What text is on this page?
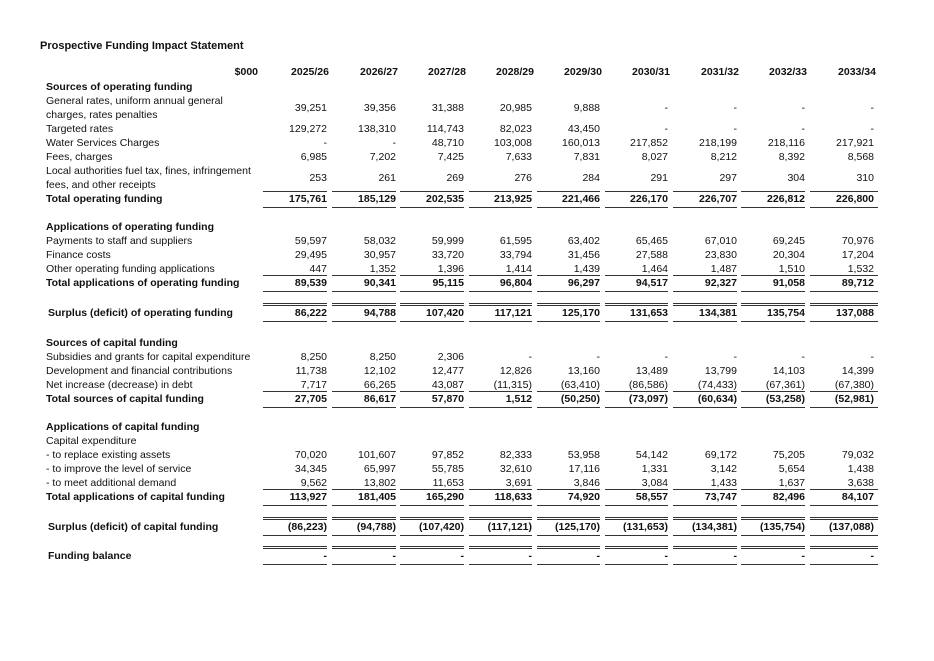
Prospective Funding Impact Statement
$000	2025/26	2026/27	2027/28	2028/29	2029/30	2030/31	2031/32	2032/33	2033/34
Sources of operating funding
General rates, uniform annual general charges, rates penalties
39,251	39,356	31,388	20,985	9,888	-	-	-	-
Targeted rates	129,272	138,310	114,743	82,023	43,450	-	-	-	-
Water Services Charges	-	-	48,710	103,008	160,013	217,852	218,199	218,116	217,921
Fees, charges	6,985	7,202	7,425	7,633	7,831	8,027	8,212	8,392	8,568
Local authorities fuel tax, fines, infringement fees, and other receipts
253	261	269	276	284	291	297	304	310
Total operating funding	175,761	185,129	202,535	213,925	221,466	226,170	226,707	226,812	226,800
Applications of operating funding
Payments to staff and suppliers	59,597	58,032	59,999	61,595	63,402	65,465	67,010	69,245	70,976
Finance costs	29,495	30,957	33,720	33,794	31,456	27,588	23,830	20,304	17,204
Other operating funding applications	447	1,352	1,396	1,414	1,439	1,464	1,487	1,510	1,532
Total applications of operating funding	89,539	90,341	95,115	96,804	96,297	94,517	92,327	91,058	89,712
Surplus (deficit) of operating funding	86,222	94,788	107,420	117,121	125,170	131,653	134,381	135,754	137,088
Sources of capital funding
Subsidies and grants for capital expenditure	8,250	8,250	2,306	-	-	-	-	-	-
Development and financial contributions	11,738	12,102	12,477	12,826	13,160	13,489	13,799	14,103	14,399
Net increase (decrease) in debt	7,717	66,265	43,087	(11,315)	(63,410)	(86,586)	(74,433)	(67,361)	(67,380)
Total sources of capital funding	27,705	86,617	57,870	1,512	(50,250)	(73,097)	(60,634)	(53,258)	(52,981)
Applications of capital funding
Capital expenditure
- to replace existing assets	70,020	101,607	97,852	82,333	53,958	54,142	69,172	75,205	79,032
- to improve the level of service	34,345	65,997	55,785	32,610	17,116	1,331	3,142	5,654	1,438
- to meet additional demand	9,562	13,802	11,653	3,691	3,846	3,084	1,433	1,637	3,638
Total applications of capital funding	113,927	181,405	165,290	118,633	74,920	58,557	73,747	82,496	84,107
Surplus (deficit) of capital funding	(86,223)	(94,788)	(107,420)	(117,121)	(125,170)	(131,653)	(134,381)	(135,754)	(137,088)
Funding balance	-	-	-	-	-	-	-	-	-
